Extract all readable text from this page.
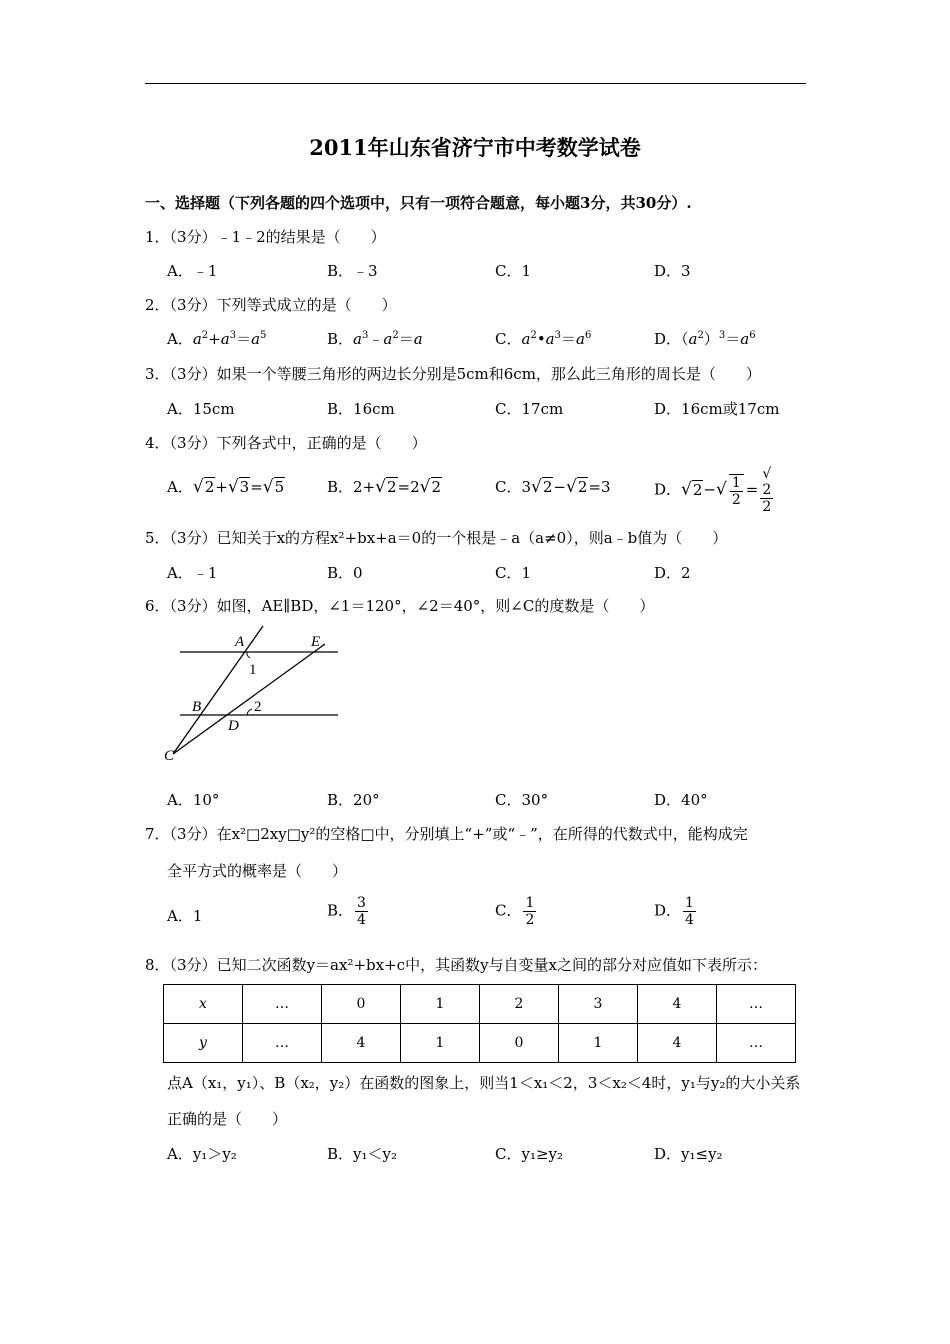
2011年山东省济宁市中考数学试卷
一、选择题（下列各题的四个选项中，只有一项符合题意，每小题3分，共30分）.
1．（3分）﹣1﹣2的结果是（　　）
A．﹣1	B．﹣3	C．1	D．3
2．（3分）下列等式成立的是（　　）
A．$a^2+a^3=a^5$	B．$a^3﹣a^2=a$	C．$a^2•a^3=a^6$	D．$(a^2)^3=a^6$
3．（3分）如果一个等腰三角形的两边长分别是5cm和6cm，那么此三角形的周长是（　　）
A．15cm	B．16cm	C．17cm	D．16cm或17cm
4．（3分）下列各式中，正确的是（　　）
A．√2+√3=√5	B．2+√2=2√2	C．3√2−√2=3	D．$√2-√ \frac{1}{2}$ = √
2
2
5．（3分）已知关于x的方程x²+bx+a＝0的一个根是﹣a（a≠0），则a﹣b值为（　　）
A．﹣1	B．0	C．1	D．2
6．（3分）如图，AE∥BD，∠1＝120°，∠2＝40°，则∠C的度数是（　　）
A	E
B
D
C
1
2
A．10°	B．20°	C．30°	D．40°
7．（3分）在x²□2xy□y²的空格□中，分别填上“+”或“﹣”，在所得的代数式中，能构成完
全平方式的概率是（　　）
A．1	B． $\frac{3}{4}$	C． $\frac{1}{2}$	D． $\frac{1}{4}$
8．（3分）已知二次函数y＝ax²+bx+c中，其函数y与自变量x之间的部分对应值如下表所示：
x	…	0	1	2	3	4	…
y	…	4	1	0	1	4	…
点A（x₁，y₁）、B（x₂，y₂）在函数的图象上，则当1＜x₁＜2，3＜x₂＜4时，y₁与y₂的大小关系
正确的是（　　）
A．y₁＞y₂	B．y₁＜y₂	C．y₁≥y₂	D．y₁≤y₂
